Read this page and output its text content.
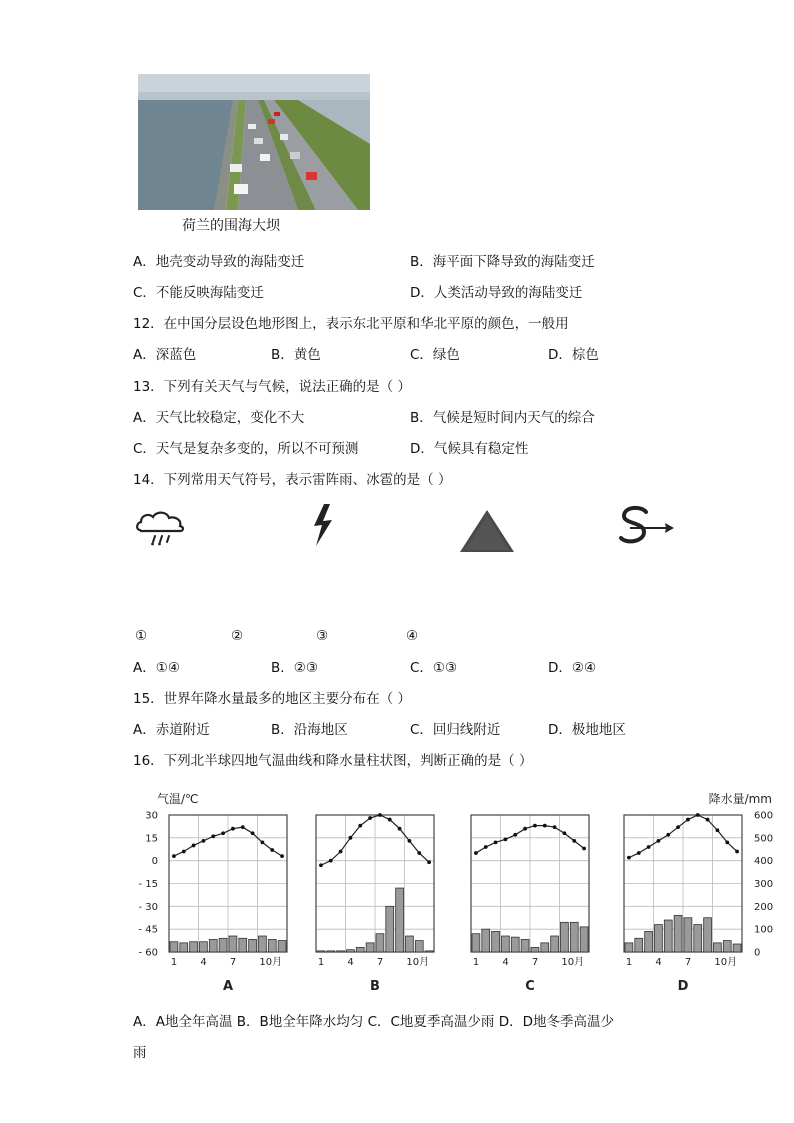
荷兰的围海大坝
A．地壳变动导致的海陆变迁	B．海平面下降导致的海陆变迁
C．不能反映海陆变迁	D．人类活动导致的海陆变迁
12．在中国分层设色地形图上，表示东北平原和华北平原的颜色，一般用
A．深蓝色	B．黄色	C．绿色	D．棕色
13．下列有关天气与气候，说法正确的是（ ）
A．天气比较稳定，变化不大	B．气候是短时间内天气的综合
C．天气是复杂多变的，所以不可预测	D．气候具有稳定性
14．下列常用天气符号，表示雷阵雨、冰雹的是（ ）
①	②	③	④
A．①④	B．②③	C．①③	D．②④
15．世界年降水量最多的地区主要分布在（ ）
A．赤道附近	B．沿海地区	C．回归线附近	D．极地地区
16．下列北半球四地气温曲线和降水量柱状图，判断正确的是（ ）
气温/℃	降水量/mm
30
15
0
- 15
- 30
- 45
- 60
600
500
400
300
200
100
0
1 4 7 10月
A
1 4 7 10月
B
1 4 7 10月
C
1 4 7 10月
D
A．A地全年高温 B．B地全年降水均匀 C．C地夏季高温少雨 D．D地冬季高温少
雨
